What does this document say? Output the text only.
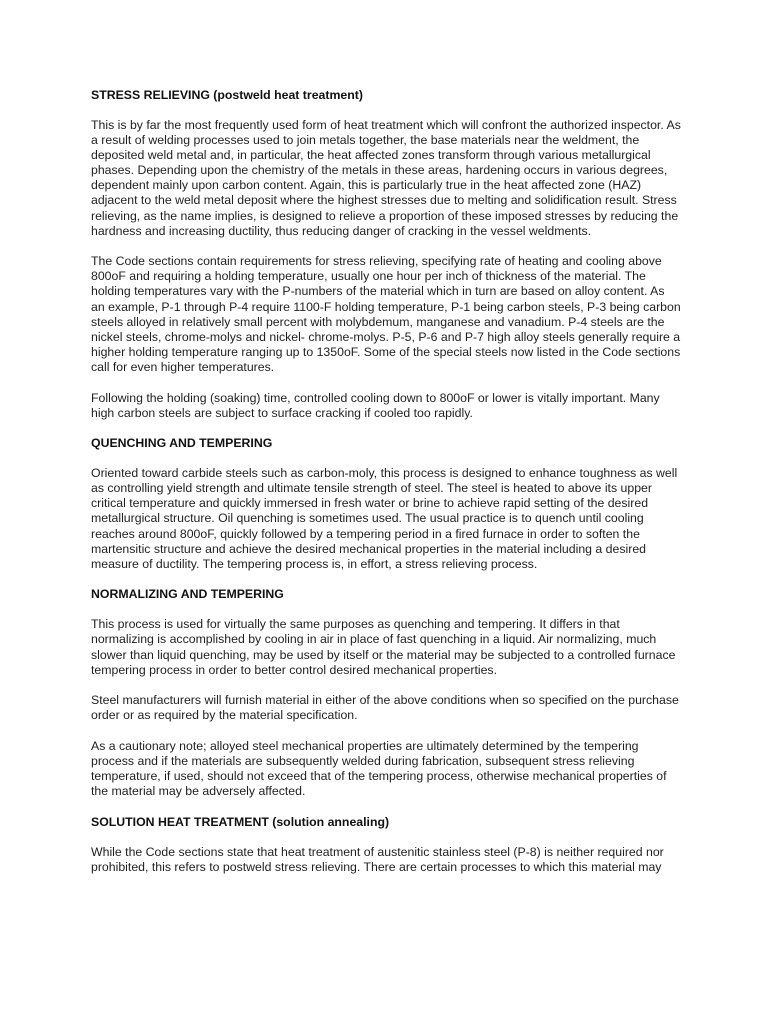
STRESS RELIEVING (postweld heat treatment)

This is by far the most frequently used form of heat treatment which will confront the authorized inspector. As a result of welding processes used to join metals together, the base materials near the weldment, the deposited weld metal and, in particular, the heat affected zones transform through various metallurgical phases. Depending upon the chemistry of the metals in these areas, hardening occurs in various degrees, dependent mainly upon carbon content. Again, this is particularly true in the heat affected zone (HAZ) adjacent to the weld metal deposit where the highest stresses due to melting and solidification result. Stress relieving, as the name implies, is designed to relieve a proportion of these imposed stresses by reducing the hardness and increasing ductility, thus reducing danger of cracking in the vessel weldments.

The Code sections contain requirements for stress relieving, specifying rate of heating and cooling above 800oF and requiring a holding temperature, usually one hour per inch of thickness of the material. The holding temperatures vary with the P-numbers of the material which in turn are based on alloy content. As an example, P-1 through P-4 require 1100-F holding temperature, P-1 being carbon steels, P-3 being carbon steels alloyed in relatively small percent with molybdemum, manganese and vanadium. P-4 steels are the nickel steels, chrome-molys and nickel- chrome-molys. P-5, P-6 and P-7 high alloy steels generally require a higher holding temperature ranging up to 1350oF. Some of the special steels now listed in the Code sections call for even higher temperatures.

Following the holding (soaking) time, controlled cooling down to 800oF or lower is vitally important. Many high carbon steels are subject to surface cracking if cooled too rapidly.

QUENCHING AND TEMPERING

Oriented toward carbide steels such as carbon-moly, this process is designed to enhance toughness as well as controlling yield strength and ultimate tensile strength of steel. The steel is heated to above its upper critical temperature and quickly immersed in fresh water or brine to achieve rapid setting of the desired metallurgical structure. Oil quenching is sometimes used. The usual practice is to quench until cooling reaches around 800oF, quickly followed by a tempering period in a fired furnace in order to soften the martensitic structure and achieve the desired mechanical properties in the material including a desired measure of ductility. The tempering process is, in effort, a stress relieving process.

NORMALIZING AND TEMPERING

This process is used for virtually the same purposes as quenching and tempering. It differs in that normalizing is accomplished by cooling in air in place of fast quenching in a liquid. Air normalizing, much slower than liquid quenching, may be used by itself or the material may be subjected to a controlled furnace tempering process in order to better control desired mechanical properties.

Steel manufacturers will furnish material in either of the above conditions when so specified on the purchase order or as required by the material specification.

As a cautionary note; alloyed steel mechanical properties are ultimately determined by the tempering process and if the materials are subsequently welded during fabrication, subsequent stress relieving temperature, if used, should not exceed that of the tempering process, otherwise mechanical properties of the material may be adversely affected.

SOLUTION HEAT TREATMENT (solution annealing)

While the Code sections state that heat treatment of austenitic stainless steel (P-8) is neither required nor prohibited, this refers to postweld stress relieving. There are certain processes to which this material may
